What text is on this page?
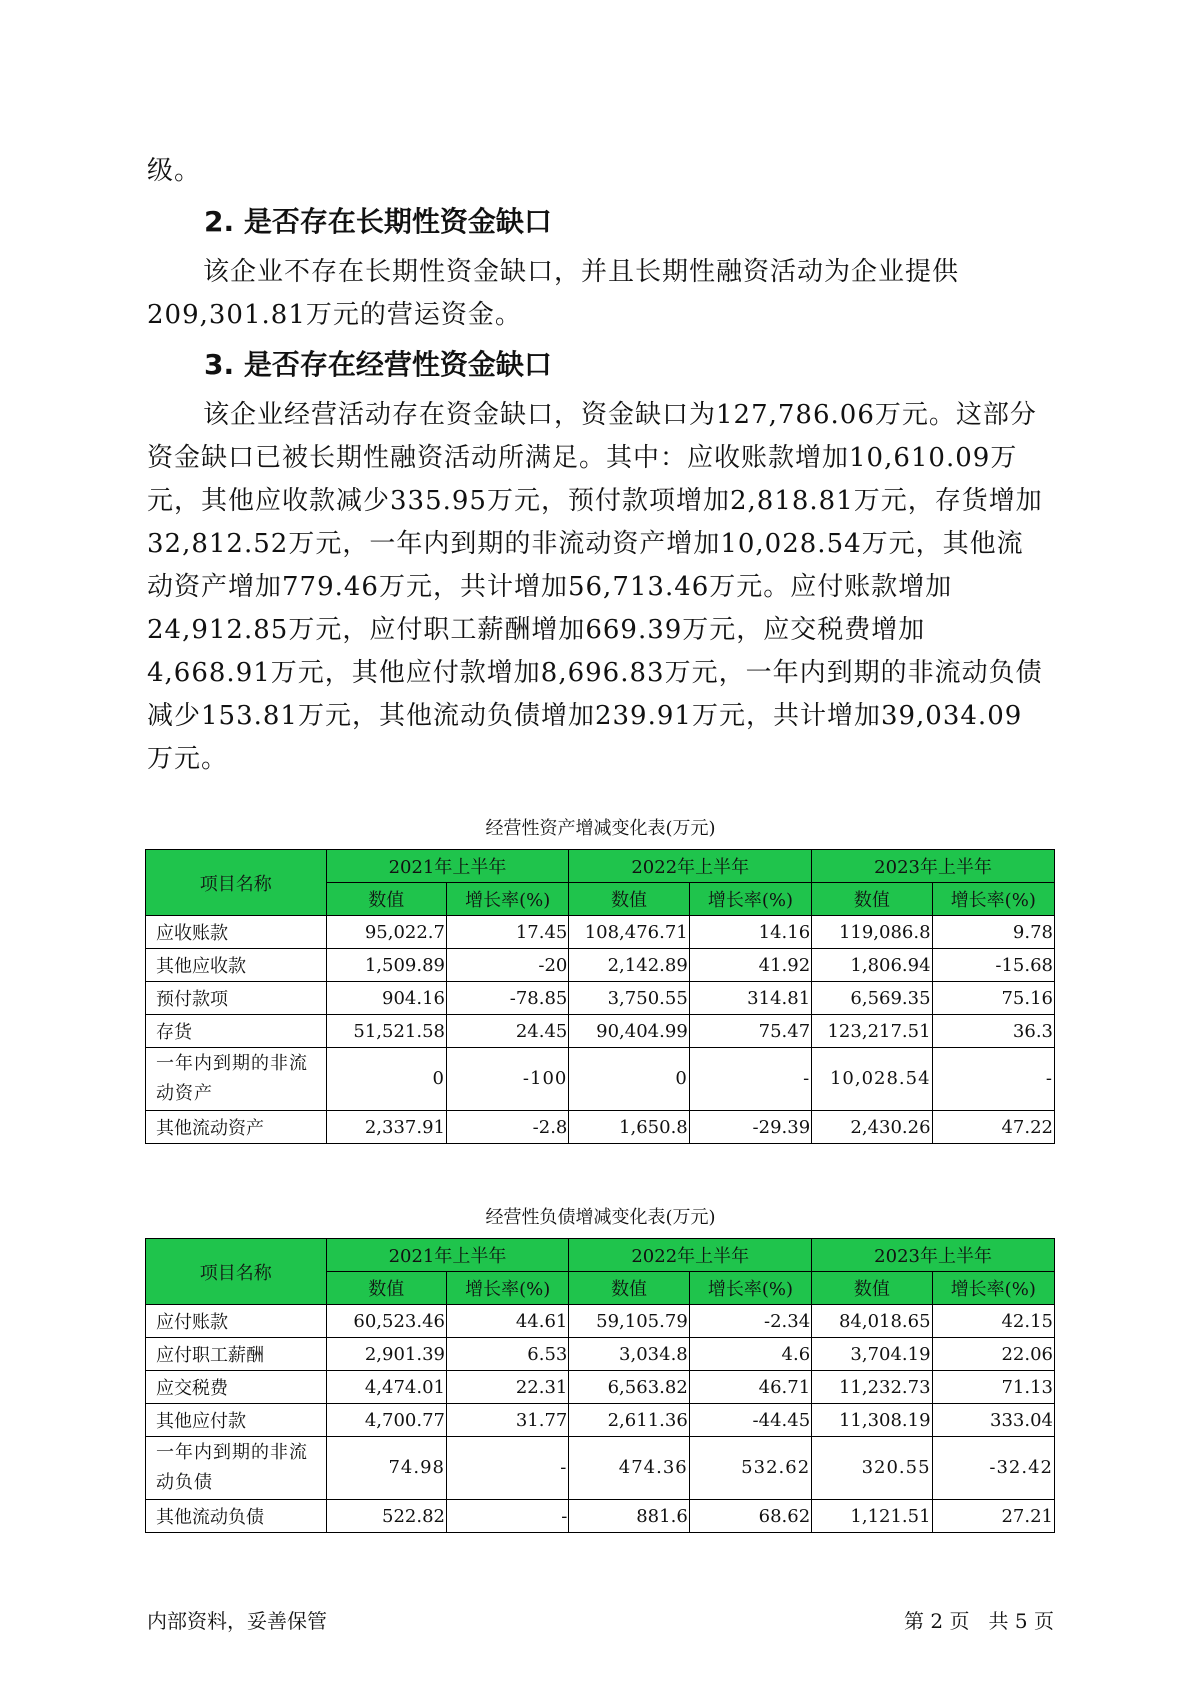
级。

2. 是否存在长期性资金缺口

该企业不存在长期性资金缺口，并且长期性融资活动为企业提供209,301.81万元的营运资金。

3. 是否存在经营性资金缺口

该企业经营活动存在资金缺口，资金缺口为127,786.06万元。这部分资金缺口已被长期性融资活动所满足。其中：应收账款增加10,610.09万元，其他应收款减少335.95万元，预付款项增加2,818.81万元，存货增加32,812.52万元，一年内到期的非流动资产增加10,028.54万元，其他流动资产增加779.46万元，共计增加56,713.46万元。应付账款增加24,912.85万元，应付职工薪酬增加669.39万元，应交税费增加4,668.91万元，其他应付款增加8,696.83万元，一年内到期的非流动负债减少153.81万元，其他流动负债增加239.91万元，共计增加39,034.09万元。

经营性资产增减变化表(万元)
项目名称	2021年上半年		2022年上半年		2023年上半年	
	数值	增长率(%)	数值	增长率(%)	数值	增长率(%)
应收账款	95,022.7	17.45	108,476.71	14.16	119,086.8	9.78
其他应收款	1,509.89	-20	2,142.89	41.92	1,806.94	-15.68
预付款项	904.16	-78.85	3,750.55	314.81	6,569.35	75.16
存货	51,521.58	24.45	90,404.99	75.47	123,217.51	36.3
一年内到期的非流动资产	0	-100	0	-	10,028.54	-
其他流动资产	2,337.91	-2.8	1,650.8	-29.39	2,430.26	47.22
经营性负债增减变化表(万元)
项目名称	2021年上半年		2022年上半年		2023年上半年	
	数值	增长率(%)	数值	增长率(%)	数值	增长率(%)
应付账款	60,523.46	44.61	59,105.79	-2.34	84,018.65	42.15
应付职工薪酬	2,901.39	6.53	3,034.8	4.6	3,704.19	22.06
应交税费	4,474.01	22.31	6,563.82	46.71	11,232.73	71.13
其他应付款	4,700.77	31.77	2,611.36	-44.45	11,308.19	333.04
一年内到期的非流动负债	74.98	-	474.36	532.62	320.55	-32.42
其他流动负债	522.82	-	881.6	68.62	1,121.51	27.21
内部资料，妥善保管	第 2 页   共 5 页
